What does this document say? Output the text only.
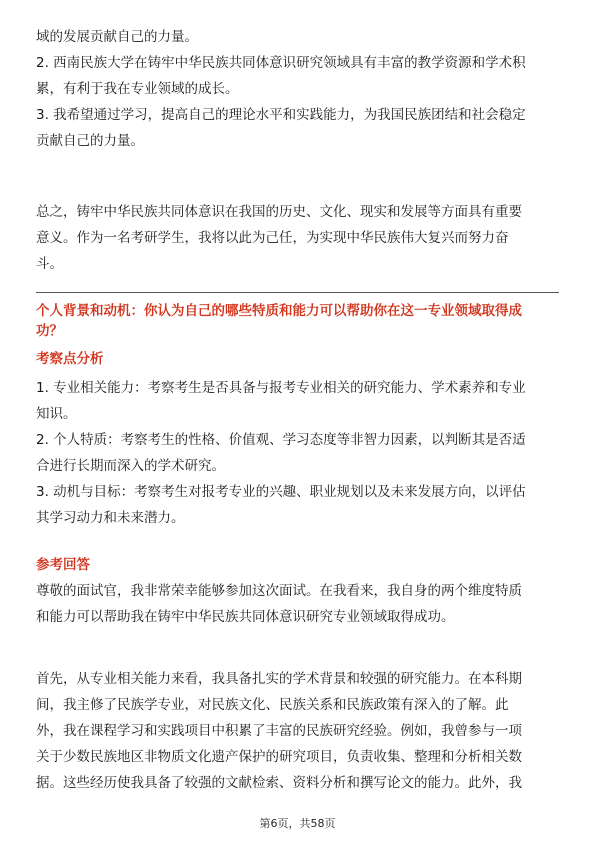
域的发展贡献自己的力量。
2. 西南民族大学在铸牢中华民族共同体意识研究领域具有丰富的教学资源和学术积
累，有利于我在专业领域的成长。
3. 我希望通过学习，提高自己的理论水平和实践能力，为我国民族团结和社会稳定
贡献自己的力量。
总之，铸牢中华民族共同体意识在我国的历史、文化、现实和发展等方面具有重要
意义。作为一名考研学生，我将以此为己任，为实现中华民族伟大复兴而努力奋
斗。
个人背景和动机：你认为自己的哪些特质和能力可以帮助你在这一专业领域取得成
功？
考察点分析
1. 专业相关能力：考察考生是否具备与报考专业相关的研究能力、学术素养和专业
知识。
2. 个人特质：考察考生的性格、价值观、学习态度等非智力因素，以判断其是否适
合进行长期而深入的学术研究。
3. 动机与目标：考察考生对报考专业的兴趣、职业规划以及未来发展方向，以评估
其学习动力和未来潜力。
参考回答
尊敬的面试官，我非常荣幸能够参加这次面试。在我看来，我自身的两个维度特质
和能力可以帮助我在铸牢中华民族共同体意识研究专业领域取得成功。
首先，从专业相关能力来看，我具备扎实的学术背景和较强的研究能力。在本科期
间，我主修了民族学专业，对民族文化、民族关系和民族政策有深入的了解。此
外，我在课程学习和实践项目中积累了丰富的民族研究经验。例如，我曾参与一项
关于少数民族地区非物质文化遗产保护的研究项目，负责收集、整理和分析相关数
据。这些经历使我具备了较强的文献检索、资料分析和撰写论文的能力。此外，我
第6页，共58页
